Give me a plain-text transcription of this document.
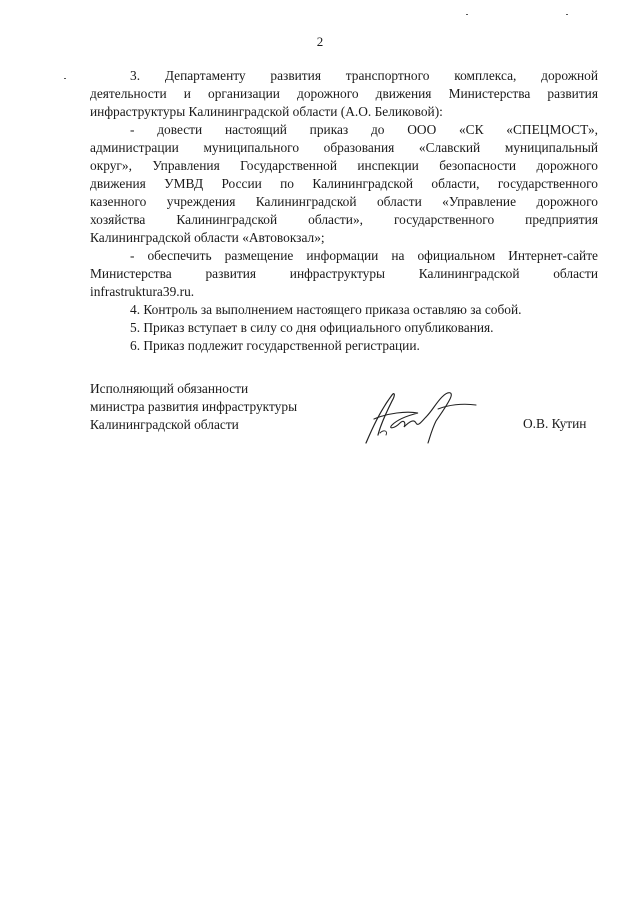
2
3. Департаменту развития транспортного комплекса, дорожной
деятельности и организации дорожного движения Министерства развития
инфраструктуры Калининградской области (А.О. Беликовой):
- довести настоящий приказ до ООО «СК «СПЕЦМОСТ»,
администрации муниципального образования «Славский муниципальный
округ», Управления Государственной инспекции безопасности дорожного
движения УМВД России по Калининградской области, государственного
казенного учреждения Калининградской области «Управление дорожного
хозяйства Калининградской области», государственного предприятия
Калининградской области «Автовокзал»;
- обеспечить размещение информации на официальном Интернет-сайте
Министерства развития инфраструктуры Калининградской области
infrastruktura39.ru.
4. Контроль за выполнением настоящего приказа оставляю за собой.
5. Приказ вступает в силу со дня официального опубликования.
6. Приказ подлежит государственной регистрации.
Исполняющий обязанности
министра развития инфраструктуры
Калининградской области	О.В. Кутин
